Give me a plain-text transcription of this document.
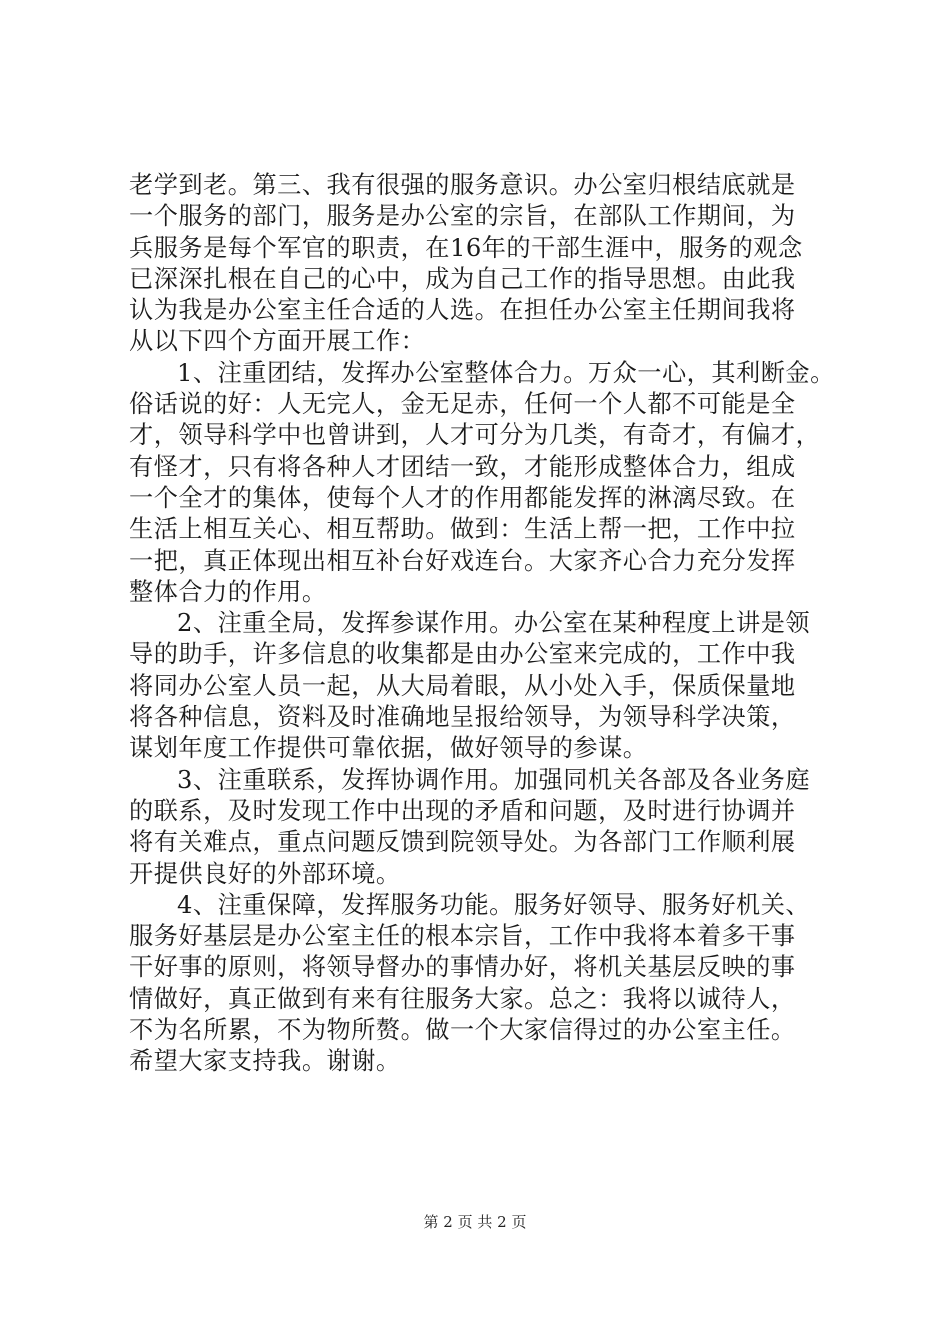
老学到老。第三、我有很强的服务意识。办公室归根结底就是
一个服务的部门，服务是办公室的宗旨，在部队工作期间，为
兵服务是每个军官的职责，在16年的干部生涯中，服务的观念
已深深扎根在自己的心中，成为自己工作的指导思想。由此我
认为我是办公室主任合适的人选。在担任办公室主任期间我将
从以下四个方面开展工作：
1、注重团结，发挥办公室整体合力。万众一心，其利断金。
俗话说的好：人无完人，金无足赤，任何一个人都不可能是全
才，领导科学中也曾讲到，人才可分为几类，有奇才，有偏才，
有怪才，只有将各种人才团结一致，才能形成整体合力，组成
一个全才的集体，使每个人才的作用都能发挥的淋漓尽致。在
生活上相互关心、相互帮助。做到：生活上帮一把，工作中拉
一把，真正体现出相互补台好戏连台。大家齐心合力充分发挥
整体合力的作用。
2、注重全局，发挥参谋作用。办公室在某种程度上讲是领
导的助手，许多信息的收集都是由办公室来完成的，工作中我
将同办公室人员一起，从大局着眼，从小处入手，保质保量地
将各种信息，资料及时准确地呈报给领导，为领导科学决策，
谋划年度工作提供可靠依据，做好领导的参谋。
3、注重联系，发挥协调作用。加强同机关各部及各业务庭
的联系，及时发现工作中出现的矛盾和问题，及时进行协调并
将有关难点，重点问题反馈到院领导处。为各部门工作顺利展
开提供良好的外部环境。
4、注重保障，发挥服务功能。服务好领导、服务好机关、
服务好基层是办公室主任的根本宗旨，工作中我将本着多干事
干好事的原则，将领导督办的事情办好，将机关基层反映的事
情做好，真正做到有来有往服务大家。总之：我将以诚待人，
不为名所累，不为物所赘。做一个大家信得过的办公室主任。
希望大家支持我。谢谢。
第 2 页 共 2 页
